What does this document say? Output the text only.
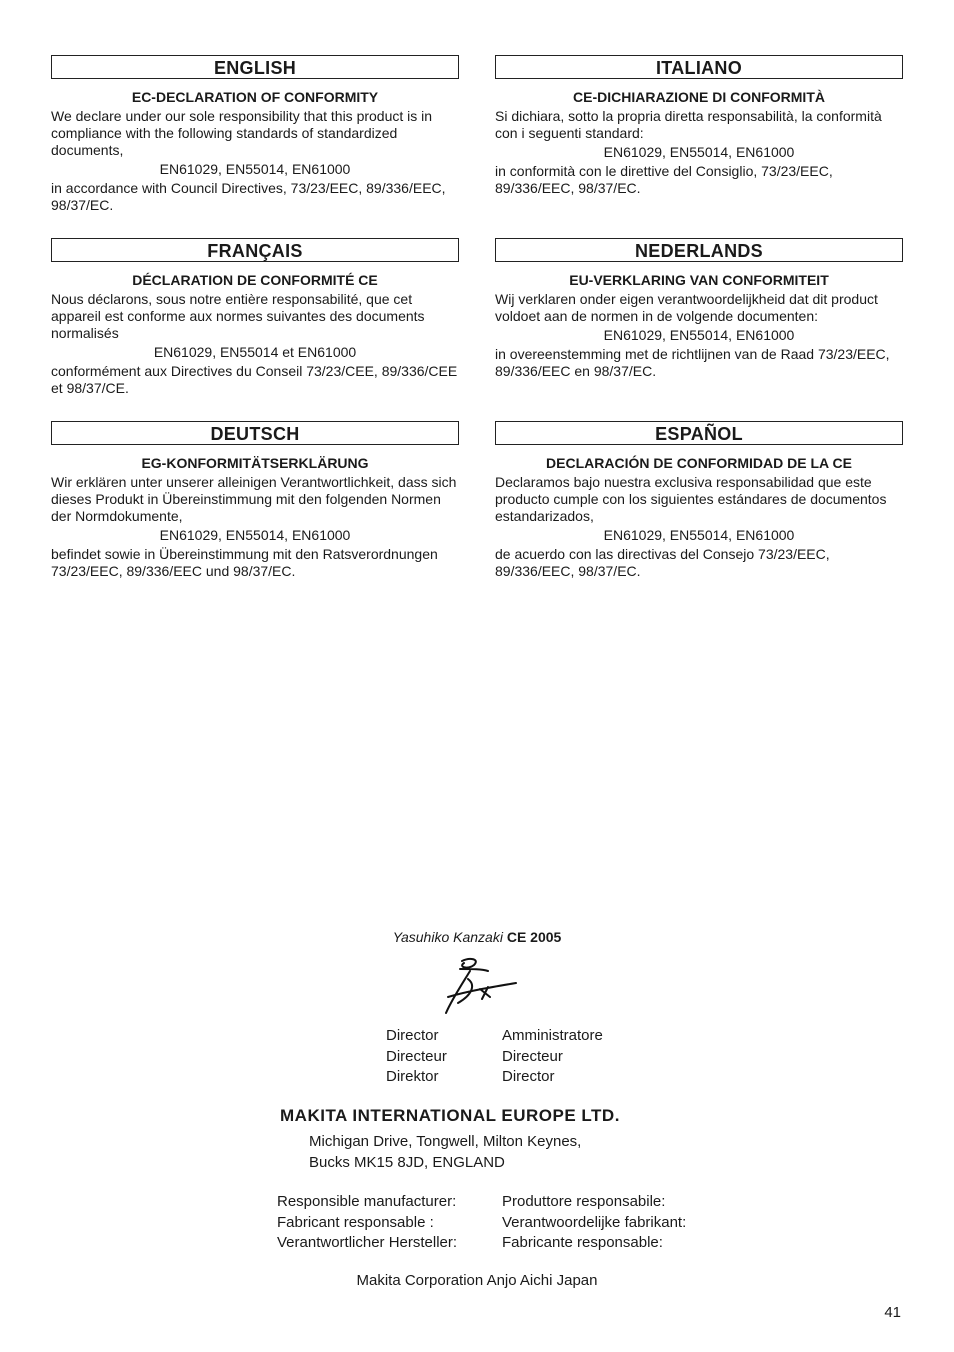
ENGLISH
EC-DECLARATION OF CONFORMITY
We declare under our sole responsibility that this product is in compliance with the following standards of standardized documents,
EN61029, EN55014, EN61000
in accordance with Council Directives, 73/23/EEC, 89/336/EEC, 98/37/EC.
FRANÇAIS
DÉCLARATION DE CONFORMITÉ CE
Nous déclarons, sous notre entière responsabilité, que cet appareil est conforme aux normes suivantes des documents normalisés
EN61029, EN55014 et EN61000
conformément aux Directives du Conseil 73/23/CEE, 89/336/CEE et 98/37/CE.
DEUTSCH
EG-KONFORMITÄTSERKLÄRUNG
Wir erklären unter unserer alleinigen Verantwortlichkeit, dass sich dieses Produkt in Übereinstimmung mit den folgenden Normen der Normdokumente,
EN61029, EN55014, EN61000
befindet sowie in Übereinstimmung mit den Ratsverordnungen 73/23/EEC, 89/336/EEC und 98/37/EC.
ITALIANO
CE-DICHIARAZIONE DI CONFORMITÀ
Si dichiara, sotto la propria diretta responsabilità, la conformità con i seguenti standard:
EN61029, EN55014, EN61000
in conformità con le direttive del Consiglio, 73/23/EEC, 89/336/EEC, 98/37/EC.
NEDERLANDS
EU-VERKLARING VAN CONFORMITEIT
Wij verklaren onder eigen verantwoordelijkheid dat dit product voldoet aan de normen in de volgende documenten:
EN61029, EN55014, EN61000
in overeenstemming met de richtlijnen van de Raad 73/23/EEC, 89/336/EEC en 98/37/EC.
ESPAÑOL
DECLARACIÓN DE CONFORMIDAD DE LA CE
Declaramos bajo nuestra exclusiva responsabilidad que este producto cumple con los siguientes estándares de documentos estandarizados,
EN61029, EN55014, EN61000
de acuerdo con las directivas del Consejo 73/23/EEC, 89/336/EEC, 98/37/EC.
Yasuhiko Kanzaki CE 2005
Director
Directeur
Direktor
Amministratore
Directeur
Director
MAKITA INTERNATIONAL EUROPE LTD.
Michigan Drive, Tongwell, Milton Keynes,
Bucks MK15 8JD, ENGLAND
Responsible manufacturer:
Fabricant responsable :
Verantwortlicher Hersteller:
Produttore responsabile:
Verantwoordelijke fabrikant:
Fabricante responsable:
Makita Corporation Anjo Aichi Japan
41
